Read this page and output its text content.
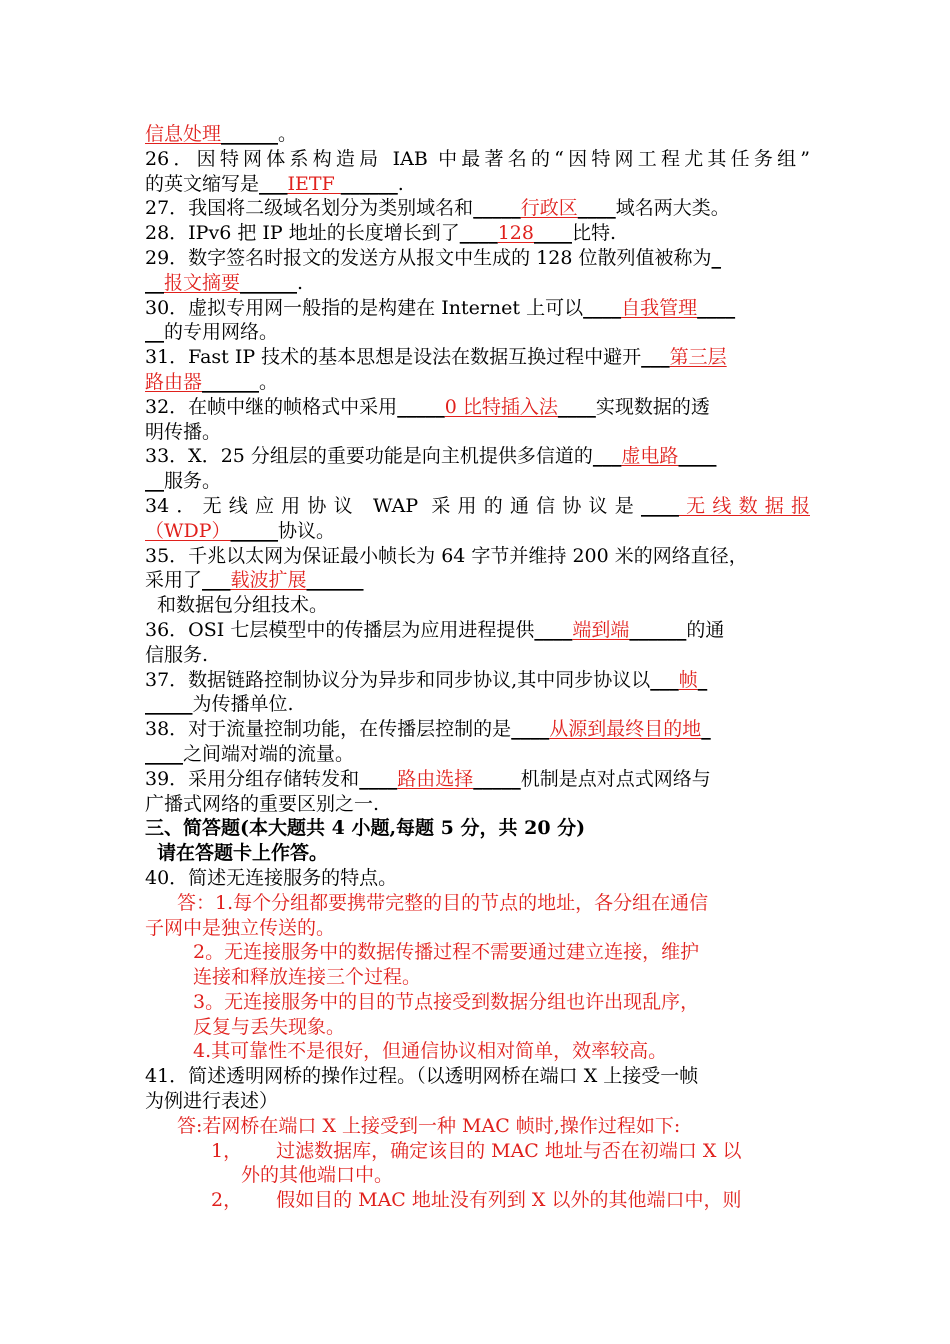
信息处理______。
26．因特网体系构造局 IAB 中最著名的“因特网工程尤其任务组”
的英文缩写是___IETF ______.
27．我国将二级域名划分为类别域名和_____行政区____域名两大类。
28．IPv6 把 IP 地址的长度增长到了____128____比特.
29．数字签名时报文的发送方从报文中生成的 128 位散列值被称为_
__报文摘要______.
30．虚拟专用网一般指的是构建在 Internet 上可以____自我管理____
__的专用网络。
31．Fast IP 技术的基本思想是设法在数据互换过程中避开___第三层
路由器______。
32．在帧中继的帧格式中采用_____0 比特插入法____实现数据的透
明传播。
33．X．25 分组层的重要功能是向主机提供多信道的___虚电路____
__服务。
34．无线应用协议 WAP 采用的通信协议是____无线数据报
（WDP）_____协议。
35．千兆以太网为保证最小帧长为 64 字节并维持 200 米的网络直径，
采用了___载波扩展______
和数据包分组技术。
36．OSI 七层模型中的传播层为应用进程提供____端到端______的通
信服务.
37．数据链路控制协议分为异步和同步协议,其中同步协议以___帧_
_____为传播单位.
38．对于流量控制功能，在传播层控制的是____从源到最终目的地_
____之间端对端的流量。
39．采用分组存储转发和____路由选择_____机制是点对点式网络与
广播式网络的重要区别之一.
三、简答题(本大题共 4 小题,每题 5 分，共 20 分)
请在答题卡上作答。
40．简述无连接服务的特点。
答：1.每个分组都要携带完整的目的节点的地址，各分组在通信
子网中是独立传送的。
2。无连接服务中的数据传播过程不需要通过建立连接，维护
连接和释放连接三个过程。
3。无连接服务中的目的节点接受到数据分组也许出现乱序，
反复与丢失现象。
4.其可靠性不是很好，但通信协议相对简单，效率较高。
41．简述透明网桥的操作过程。（以透明网桥在端口 X 上接受一帧
为例进行表述）
答:若网桥在端口 X 上接受到一种 MAC 帧时,操作过程如下:
1， 过滤数据库，确定该目的 MAC 地址与否在初端口 X 以
外的其他端口中。
2， 假如目的 MAC 地址没有列到 X 以外的其他端口中，则
